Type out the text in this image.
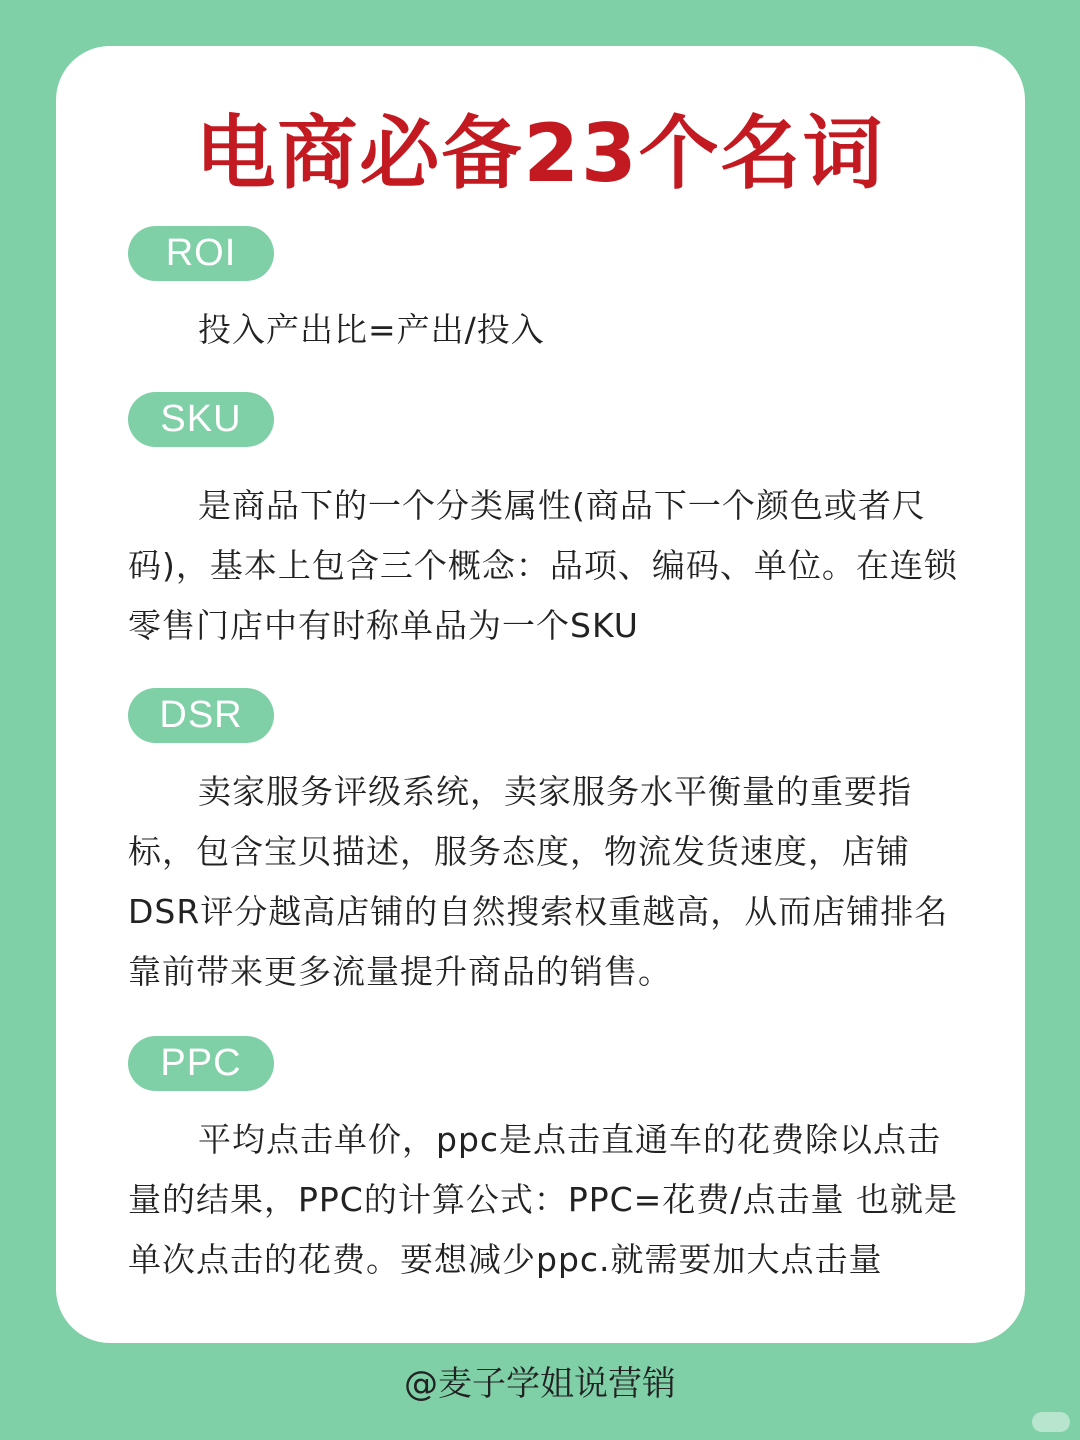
电商必备23个名词
ROI

投入产出比=产出/投入

SKU

是商品下的一个分类属性(商品下一个颜色或者尺码)，基本上包含三个概念：品项、编码、单位。在连锁零售门店中有时称单品为一个SKU

DSR

卖家服务评级系统，卖家服务水平衡量的重要指标，包含宝贝描述，服务态度，物流发货速度，店铺DSR评分越高店铺的自然搜索权重越高，从而店铺排名靠前带来更多流量提升商品的销售。

PPC

平均点击单价，ppc是点击直通车的花费除以点击量的结果，PPC的计算公式：PPC=花费/点击量 也就是单次点击的花费。要想减少ppc.就需要加大点击量

@麦子学姐说营销
